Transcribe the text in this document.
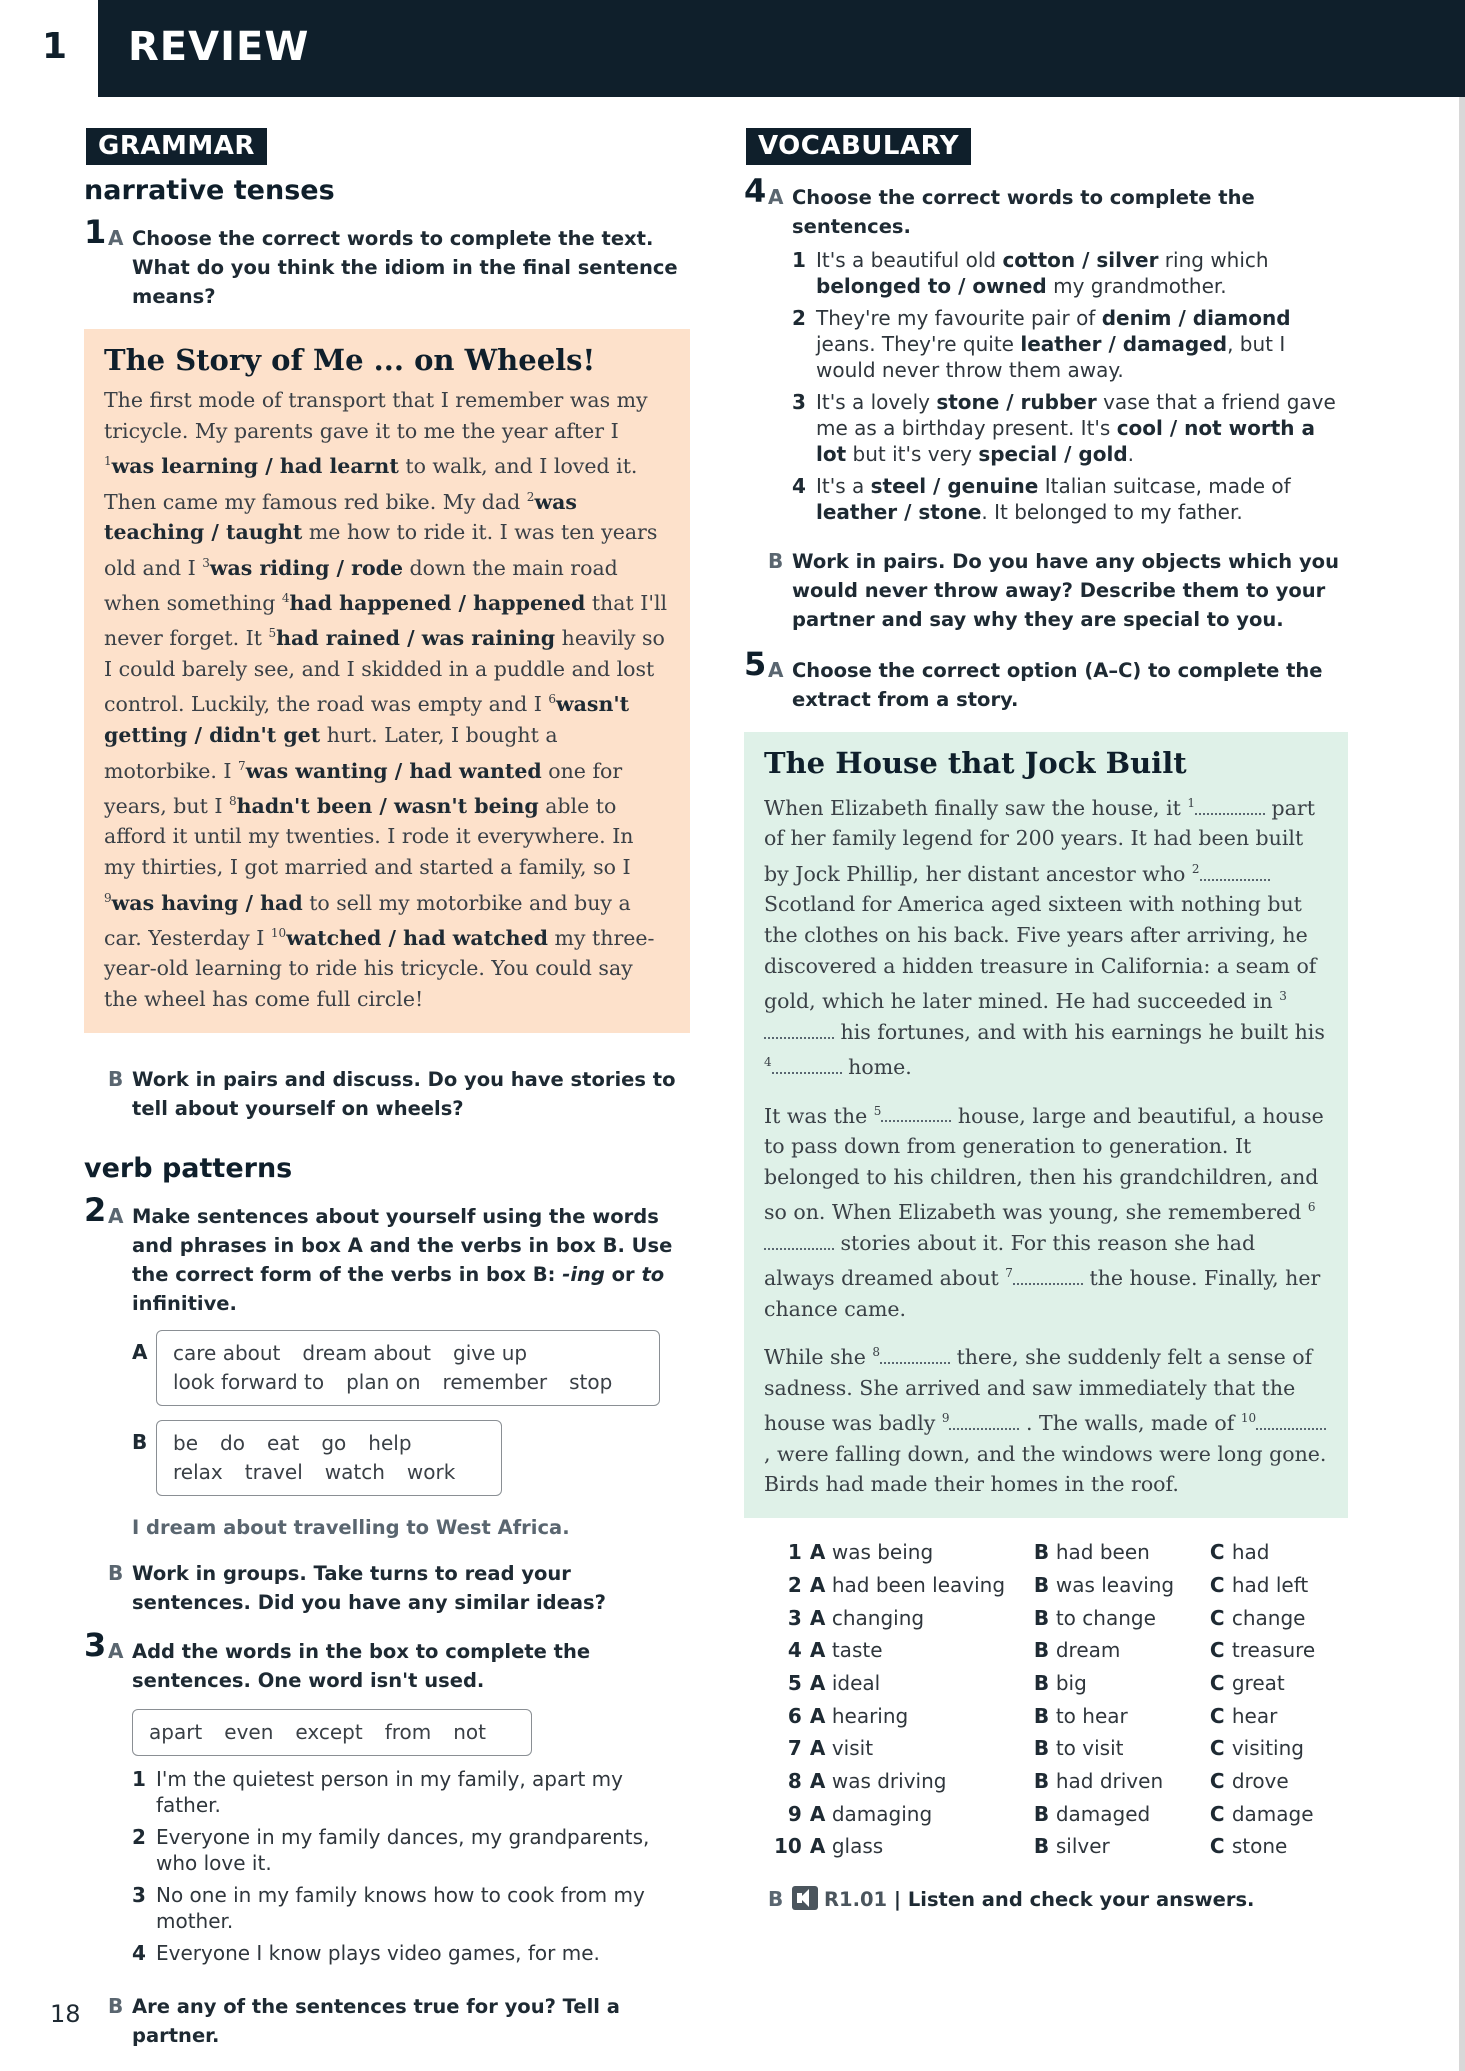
1 REVIEW
GRAMMAR
narrative tenses
1 A Choose the correct words to complete the text. What do you think the idiom in the final sentence means?
The Story of Me ... on Wheels!

The first mode of transport that I remember was my tricycle. My parents gave it to me the year after I $^1$was learning / had learnt to walk, and I loved it. Then came my famous red bike. My dad $^2$was teaching / taught me how to ride it. I was ten years old and I $^3$was riding / rode down the main road when something $^4$had happened / happened that I'll never forget. It $^5$had rained / was raining heavily so I could barely see, and I skidded in a puddle and lost control. Luckily, the road was empty and I $^6$wasn't getting / didn't get hurt. Later, I bought a motorbike. I $^7$was wanting / had wanted one for years, but I $^8$hadn't been / wasn't being able to afford it until my twenties. I rode it everywhere. In my thirties, I got married and started a family, so I $^9$was having / had to sell my motorbike and buy a car. Yesterday I $^{10}$watched / had watched my three-year-old learning to ride his tricycle. You could say the wheel has come full circle!

B Work in pairs and discuss. Do you have stories to tell about yourself on wheels?
verb patterns
2 A Make sentences about yourself using the words and phrases in box A and the verbs in box B. Use the correct form of the verbs in box B: -ing or to infinitive.
A care about dream about give up
look forward to plan on remember stop
B be do eat go help
relax travel watch work
I dream about travelling to West Africa.
B Work in groups. Take turns to read your sentences. Did you have any similar ideas?
3 A Add the words in the box to complete the sentences. One word isn't used.
apart even except from not
1 I'm the quietest person in my family, apart my father.
2 Everyone in my family dances, my grandparents, who love it.
3 No one in my family knows how to cook from my mother.
4 Everyone I know plays video games, for me.
B Are any of the sentences true for you? Tell a partner.
VOCABULARY
4 A Choose the correct words to complete the sentences.
1 It's a beautiful old cotton / silver ring which belonged to / owned my grandmother.
2 They're my favourite pair of denim / diamond jeans. They're quite leather / damaged, but I would never throw them away.
3 It's a lovely stone / rubber vase that a friend gave me as a birthday present. It's cool / not worth a lot but it's very special / gold.
4 It's a steel / genuine Italian suitcase, made of leather / stone. It belonged to my father.
B Work in pairs. Do you have any objects which you would never throw away? Describe them to your partner and say why they are special to you.
5 A Choose the correct option (A–C) to complete the extract from a story.
The House that Jock Built

When Elizabeth finally saw the house, it $^1$	part of her family legend for 200 years. It had been built by Jock Phillip, her distant ancestor who $^2$ Scotland for America aged sixteen with nothing but the clothes on his back. Five years after arriving, he discovered a hidden treasure in California: a seam of gold, which he later mined. He had succeeded in $^3$ his fortunes, and with his earnings he built his $^4$	home.

It was the $^5$	house, large and beautiful, a house to pass down from generation to generation. It belonged to his children, then his grandchildren, and so on. When Elizabeth was young, she remembered $^6$ stories about it. For this reason she had always dreamed about $^7$	the house. Finally, her chance came.

While she $^8$	there, she suddenly felt a sense of sadness. She arrived and saw immediately that the house was badly $^9$	. The walls, made of $^{10}$ , were falling down, and the windows were long gone. Birds had made their homes in the roof.

1	A	was being	B	had been	C	had
2	A	had been leaving	B	was leaving	C	had left
3	A	changing	B	to change	C	change
4	A	taste	B	dream	C	treasure
5	A	ideal	B	big	C	great
6	A	hearing	B	to hear	C	hear
7	A	visit	B	to visit	C	visiting
8	A	was driving	B	had driven	C	drove
9	A	damaging	B	damaged	C	damage
10	A	glass	B	silver	C	stone
B R1.01 | Listen and check your answers.
18
